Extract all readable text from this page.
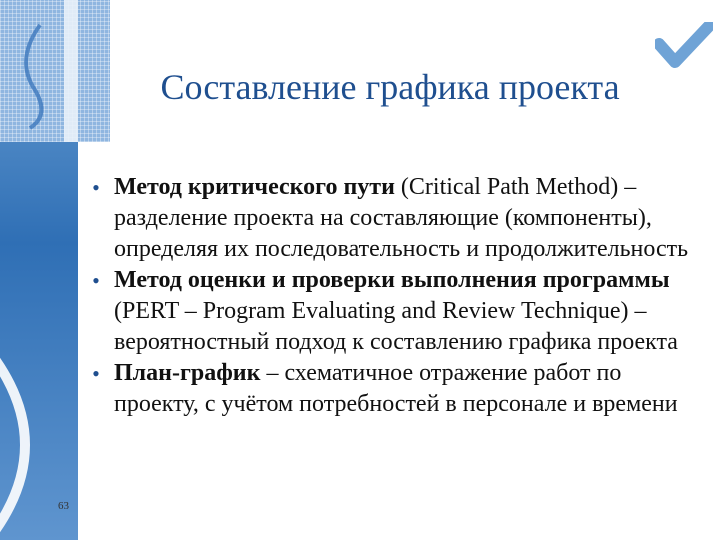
Составление графика проекта
• Метод критического пути (Critical Path Method) – разделение проекта на составляющие (компоненты), определяя их последовательность и продолжительность
• Метод оценки и проверки выполнения программы (PERT – Program Evaluating and Review Technique) – вероятностный подход к составлению графика проекта
• План-график – схематичное отражение работ по проекту, с учётом потребностей в персонале и времени
63
